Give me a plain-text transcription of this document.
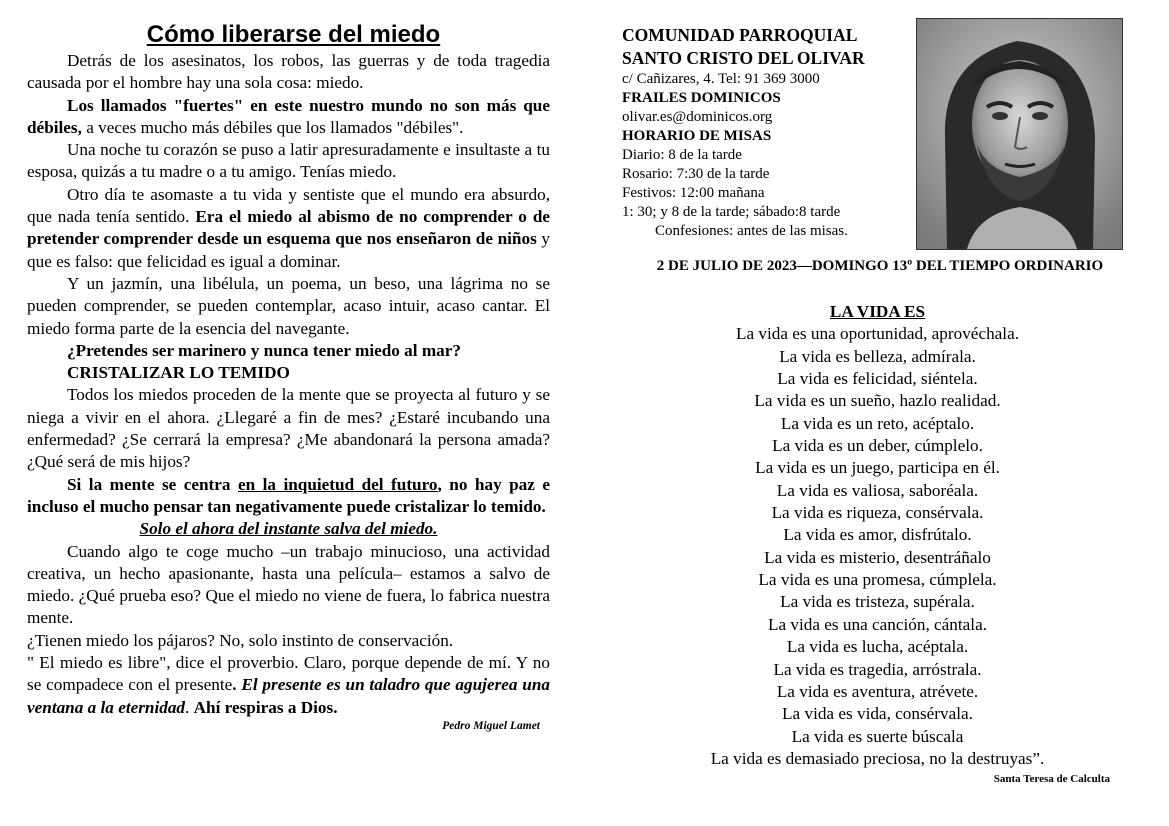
Cómo liberarse del miedo

Detrás de los asesinatos, los robos, las guerras y de toda tragedia causada por el hombre hay una sola cosa: miedo.

Los llamados "fuertes" en este nuestro mundo no son más que débiles, a veces mucho más débiles que los llamados "débiles".

Una noche tu corazón se puso a latir apresuradamente e insultaste a tu esposa, quizás a tu madre o a tu amigo. Tenías miedo.

Otro día te asomaste a tu vida y sentiste que el mundo era absurdo, que nada tenía sentido. Era el miedo al abismo de no comprender o de pretender comprender desde un esquema que nos enseñaron de niños y que es falso: que felicidad es igual a dominar.

Y un jazmín, una libélula, un poema, un beso, una lágrima no se pueden comprender, se pueden contemplar, acaso intuir, acaso cantar. El miedo forma parte de la esencia del navegante.

¿Pretendes ser marinero y nunca tener miedo al mar?

CRISTALIZAR LO TEMIDO

Todos los miedos proceden de la mente que se proyecta al futuro y se niega a vivir en el ahora. ¿Llegaré a fin de mes? ¿Estaré incubando una enfermedad? ¿Se cerrará la empresa? ¿Me abandonará la persona amada? ¿Qué será de mis hijos?

Si la mente se centra en la inquietud del futuro, no hay paz e incluso el mucho pensar tan negativamente puede cristalizar lo temido.

Solo el ahora del instante salva del miedo.

Cuando algo te coge mucho –un trabajo minucioso, una actividad creativa, un hecho apasionante, hasta una película– estamos a salvo de miedo. ¿Qué prueba eso? Que el miedo no viene de fuera, lo fabrica nuestra mente.

¿Tienen miedo los pájaros? No, solo instinto de conservación.

" El miedo es libre", dice el proverbio. Claro, porque depende de mí. Y no se compadece con el presente. El presente es un taladro que agujerea una ventana a la eternidad. Ahí respiras a Dios.

Pedro Miguel Lamet

COMUNIDAD PARROQUIAL
SANTO CRISTO DEL OLIVAR
c/ Cañizares, 4. Tel: 91 369 3000
FRAILES DOMINICOS
olivar.es@dominicos.org
HORARIO DE MISAS
Diario: 8 de la tarde
Rosario: 7:30 de la tarde
Festivos: 12:00 mañana
1: 30; y 8 de la tarde; sábado:8 tarde
Confesiones: antes de las misas.
2 DE JULIO DE 2023—DOMINGO 13º DEL TIEMPO ORDINARIO
LA VIDA ES
La vida es una oportunidad, aprovéchala.
La vida es belleza, admírala.
La vida es felicidad, siéntela.
La vida es un sueño, hazlo realidad.
La vida es un reto, acéptalo.
La vida es un deber, cúmplelo.
La vida es un juego, participa en él.
La vida es valiosa, saboréala.
La vida es riqueza, consérvala.
La vida es amor, disfrútalo.
La vida es misterio, desentráñalo
La vida es una promesa, cúmplela.
La vida es tristeza, supérala.
La vida es una canción, cántala.
La vida es lucha, acéptala.
La vida es tragedia, arróstrala.
La vida es aventura, atrévete.
La vida es vida, consérvala.
La vida es suerte búscala
La vida es demasiado preciosa, no la destruyas”.
Santa Teresa de Calculta
